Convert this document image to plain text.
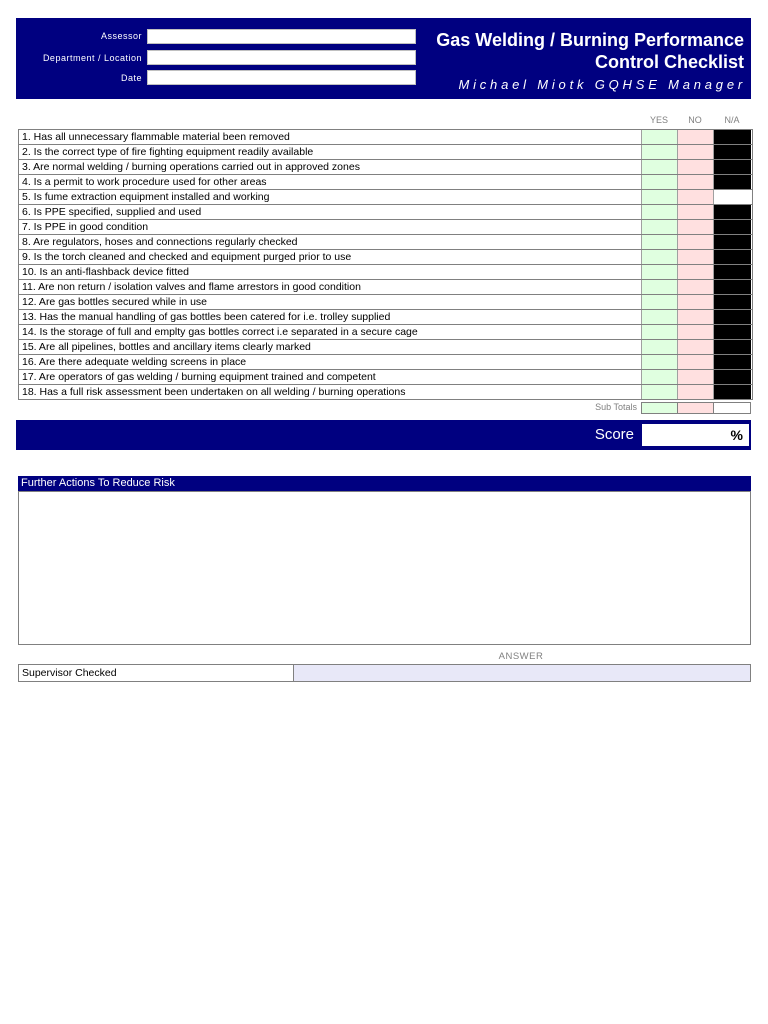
Assessor
Department / Location
Date
Gas Welding / Burning Performance
Control Checklist
Michael Miotk GQHSE Manager
YES	NO	N/A
1. Has all unnecessary flammable material been removed
2. Is the correct type of fire fighting equipment readily available
3. Are normal welding / burning operations carried out in approved zones
4. Is a permit to work procedure used for other areas
5. Is fume extraction equipment installed and working
6. Is PPE specified, supplied and used
7. Is PPE in good condition
8. Are regulators, hoses and connections regularly checked
9. Is the torch cleaned and checked and equipment purged prior to use
10. Is an anti-flashback device fitted
11. Are non return / isolation valves and flame arrestors in good condition
12. Are gas bottles secured while in use
13. Has the manual handling of gas bottles been catered for i.e. trolley supplied
14. Is the storage of full and emplty gas bottles correct i.e separated in a secure cage
15. Are all pipelines, bottles and ancillary items clearly marked
16. Are there adequate welding screens in place
17. Are operators of gas welding / burning equipment trained and competent
18. Has a full risk assessment been undertaken on all welding / burning operations
Sub Totals
Score	%
Further Actions To Reduce Risk
ANSWER
Supervisor Checked
